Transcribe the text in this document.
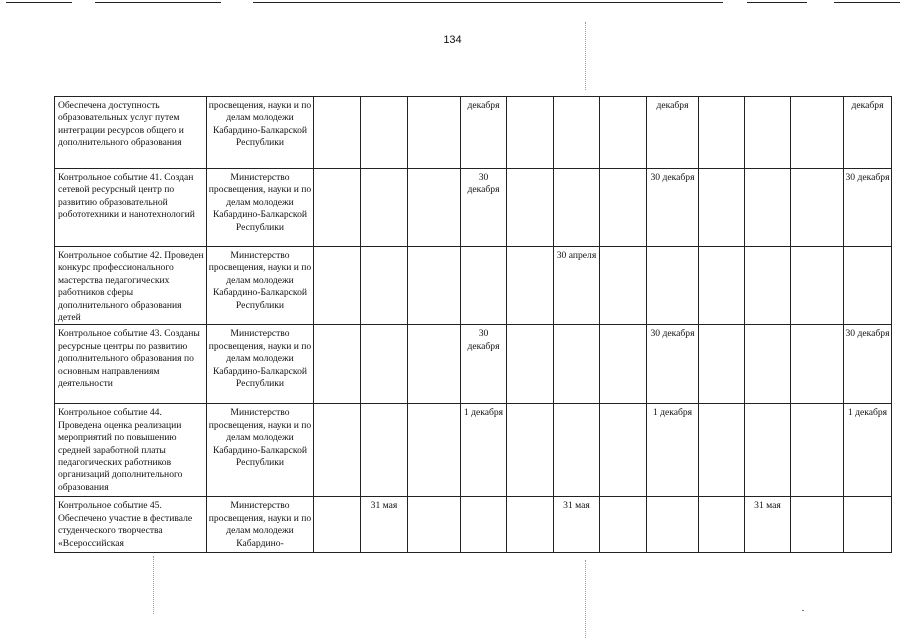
134
Обеспечена доступность образовательных услуг путем интеграции ресурсов общего и дополнительного образования	просвещения, науки и по делам молодежи Кабардино-Балкарской Республики				декабря				декабря				декабря
Контрольное событие 41. Создан сетевой ресурсный центр по развитию образовательной робототехники и нанотехнологий	Министерство просвещения, науки и по делам молодежи Кабардино-Балкарской Республики				30 декабря				30 декабря				30 декабря
Контрольное событие 42. Проведен конкурс профессионального мастерства педагогических работников сферы дополнительного образования детей	Министерство просвещения, науки и по делам молодежи Кабардино-Балкарской Республики						30 апреля						
Контрольное событие 43. Созданы ресурсные центры по развитию дополнительного образования по основным направлениям деятельности	Министерство просвещения, науки и по делам молодежи Кабардино-Балкарской Республики				30 декабря				30 декабря				30 декабря
Контрольное событие 44. Проведена оценка реализации мероприятий по повышению средней заработной платы педагогических работников организаций дополнительного образования	Министерство просвещения, науки и по делам молодежи Кабардино-Балкарской Республики				1 декабря				1 декабря				1 декабря
Контрольное событие 45. Обеспечено участие в фестивале студенческого творчества «Всероссийская	Министерство просвещения, науки и по делам молодежи Кабардино-		31 мая				31 мая				31 мая		
